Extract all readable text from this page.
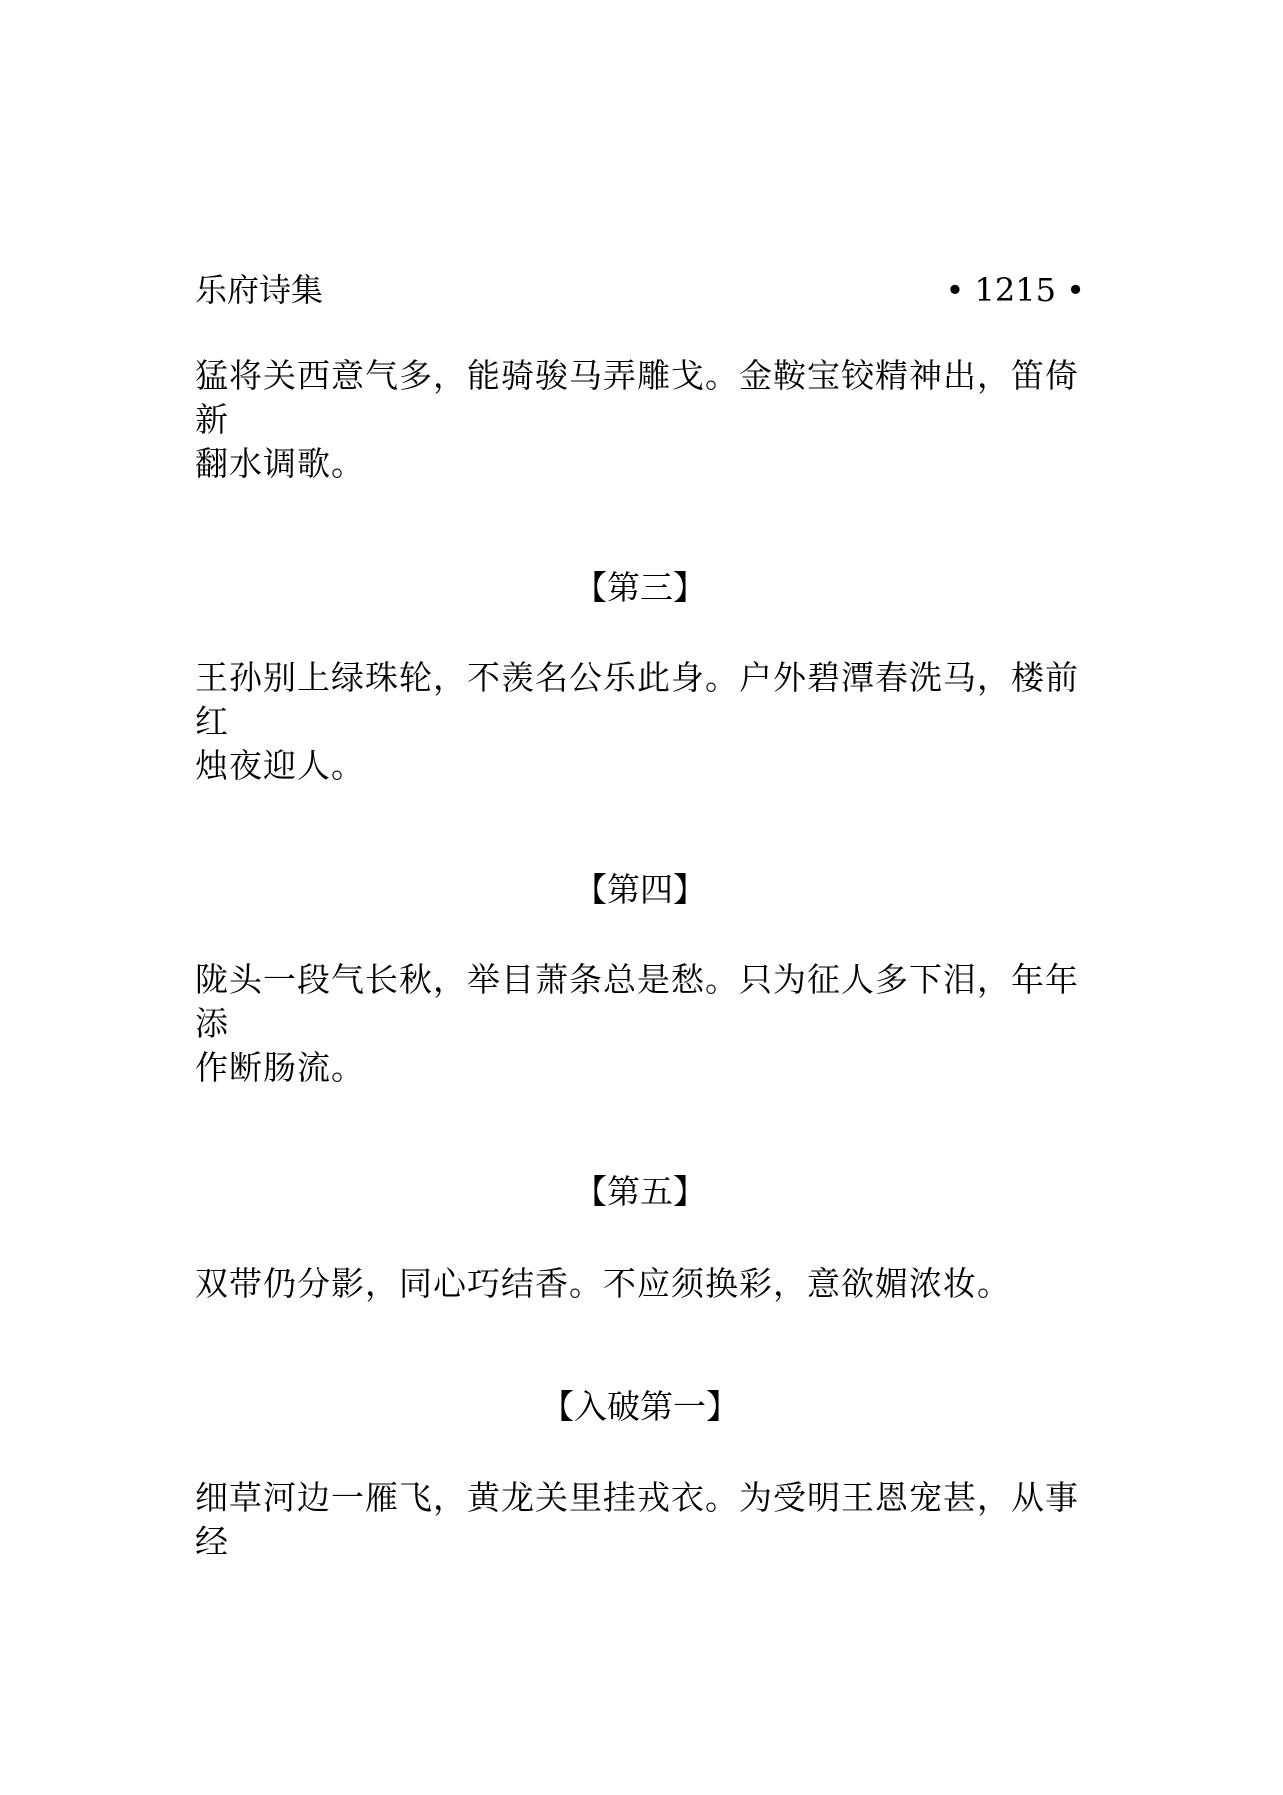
乐府诗集	• 1215 •
猛将关西意气多，能骑骏马弄雕戈。金鞍宝铰精神出，笛倚新
翻水调歌。
【第三】
王孙别上绿珠轮，不羡名公乐此身。户外碧潭春洗马，楼前红
烛夜迎人。
【第四】
陇头一段气长秋，举目萧条总是愁。只为征人多下泪，年年添
作断肠流。
【第五】
双带仍分影，同心巧结香。不应须换彩，意欲媚浓妆。
【入破第一】
细草河边一雁飞，黄龙关里挂戎衣。为受明王恩宠甚，从事经
